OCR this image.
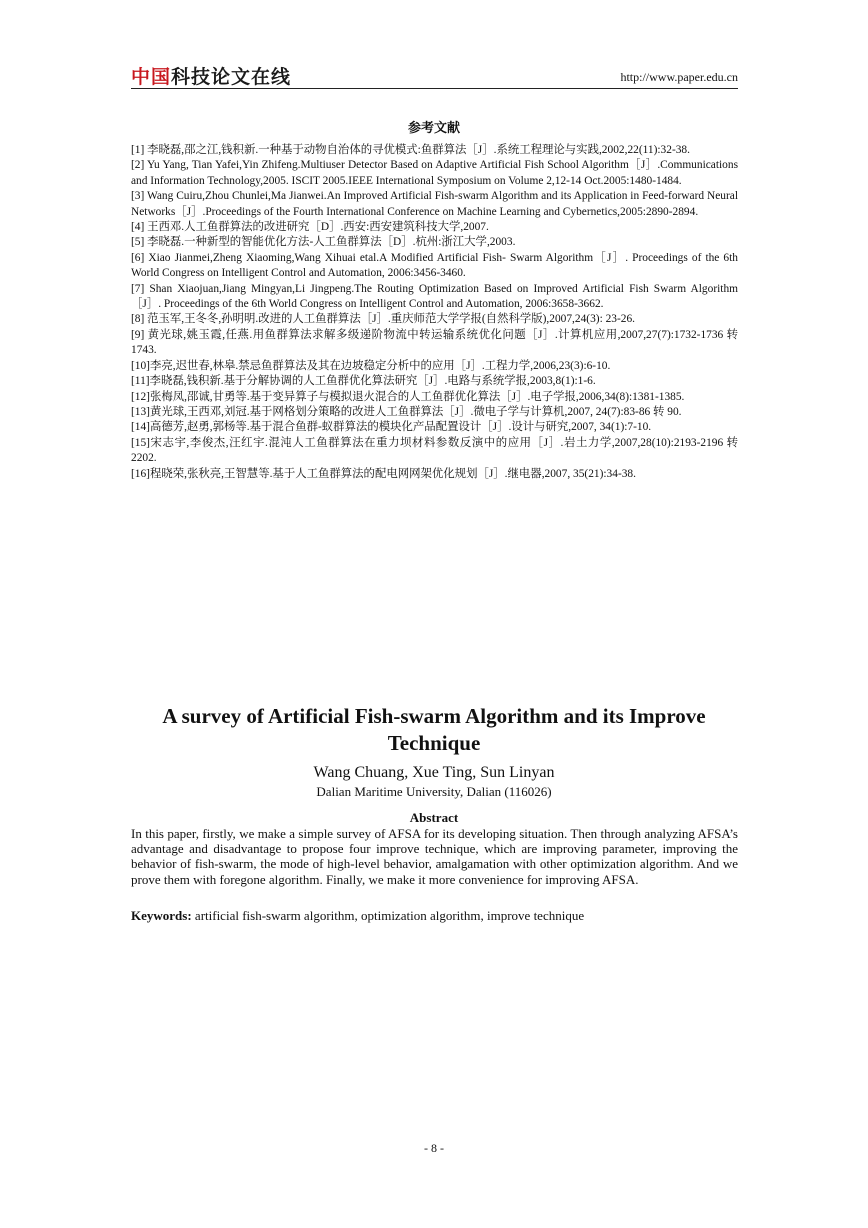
中国科技论文在线	http://www.paper.edu.cn
参考文献

[1] 李晓磊,邵之江,钱积新.一种基于动物自治体的寻优模式:鱼群算法［J］.系统工程理论与实践,2002,22(11):32-38.

[2] Yu Yang, Tian Yafei,Yin Zhifeng.Multiuser Detector Based on Adaptive Artificial Fish School Algorithm［J］.Communications and Information Technology,2005. ISCIT 2005.IEEE International Symposium on Volume 2,12-14 Oct.2005:1480-1484.

[3] Wang Cuiru,Zhou Chunlei,Ma Jianwei.An Improved Artificial Fish-swarm Algorithm and its Application in Feed-forward Neural Networks［J］.Proceedings of the Fourth International Conference on Machine Learning and Cybernetics,2005:2890-2894.

[4] 王西邓.人工鱼群算法的改进研究［D］.西安:西安建筑科技大学,2007.

[5] 李晓磊.一种新型的智能优化方法-人工鱼群算法［D］.杭州:浙江大学,2003.

[6] Xiao Jianmei,Zheng Xiaoming,Wang Xihuai etal.A Modified Artificial Fish- Swarm Algorithm［J］. Proceedings of the 6th World Congress on Intelligent Control and Automation, 2006:3456-3460.

[7] Shan Xiaojuan,Jiang Mingyan,Li Jingpeng.The Routing Optimization Based on Improved Artificial Fish Swarm Algorithm［J］. Proceedings of the 6th World Congress on Intelligent Control and Automation, 2006:3658-3662.

[8] 范玉军,王冬冬,孙明明.改进的人工鱼群算法［J］.重庆师范大学学报(自然科学版),2007,24(3): 23-26.

[9] 黄光球,姚玉霞,任燕.用鱼群算法求解多级递阶物流中转运输系统优化问题［J］.计算机应用,2007,27(7):1732-1736 转 1743.

[10]李亮,迟世春,林皋.禁忌鱼群算法及其在边坡稳定分析中的应用［J］.工程力学,2006,23(3):6-10.

[11]李晓磊,钱积新.基于分解协调的人工鱼群优化算法研究［J］.电路与系统学报,2003,8(1):1-6.

[12]张梅凤,邵诚,甘勇等.基于变异算子与模拟退火混合的人工鱼群优化算法［J］.电子学报,2006,34(8):1381-1385.

[13]黄光球,王西邓,刘冠.基于网格划分策略的改进人工鱼群算法［J］.微电子学与计算机,2007, 24(7):83-86 转 90.

[14]高德芳,赵勇,郭杨等.基于混合鱼群-蚁群算法的模块化产品配置设计［J］.设计与研究,2007, 34(1):7-10.

[15]宋志宇,李俊杰,汪红宇.混沌人工鱼群算法在重力坝材料参数反演中的应用［J］.岩土力学,2007,28(10):2193-2196 转 2202.

[16]程晓荣,张秋亮,王智慧等.基于人工鱼群算法的配电网网架优化规划［J］.继电器,2007, 35(21):34-38.

A survey of Artificial Fish-swarm Algorithm and its Improve Technique
Wang Chuang, Xue Ting, Sun Linyan
Dalian Maritime University, Dalian (116026)
Abstract
In this paper, firstly, we make a simple survey of AFSA for its developing situation. Then through analyzing AFSA’s advantage and disadvantage to propose four improve technique, which are improving parameter, improving the behavior of fish-swarm, the mode of high-level behavior, amalgamation with other optimization algorithm. And we prove them with foregone algorithm. Finally, we make it more convenience for improving AFSA.
Keywords: artificial fish-swarm algorithm, optimization algorithm, improve technique
- 8 -
